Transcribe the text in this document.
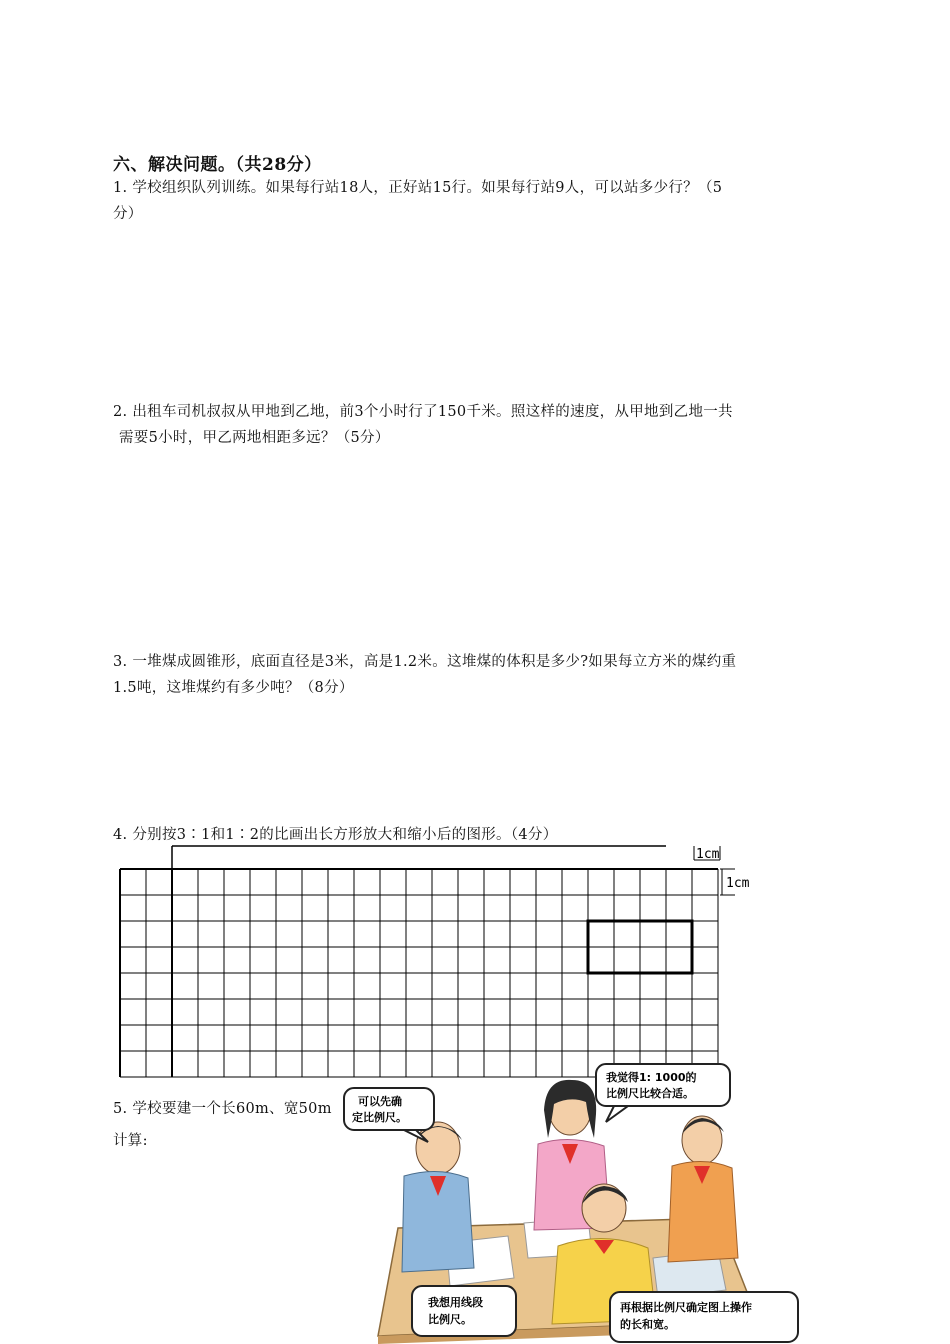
六、解决问题。（共28分）
1. 学校组织队列训练。如果每行站18人，正好站15行。如果每行站9人，可以站多少行？（5
分）
2. 出租车司机叔叔从甲地到乙地，前3个小时行了150千米。照这样的速度，从甲地到乙地一共
需要5小时，甲乙两地相距多远？（5分）
3. 一堆煤成圆锥形，底面直径是3米，高是1.2米。这堆煤的体积是多少?如果每立方米的煤约重
1.5吨，这堆煤约有多少吨？（8分）
4. 分别按3∶1和1∶2的比画出长方形放大和缩小后的图形。（4分）
1cm
1cm
5. 学校要建一个长60m、宽50m
计算:
可以先确
定比例尺。
我觉得1: 1000的
比例尺比较合适。
我想用线段
比例尺。
再根据比例尺确定图上操作
的长和宽。
